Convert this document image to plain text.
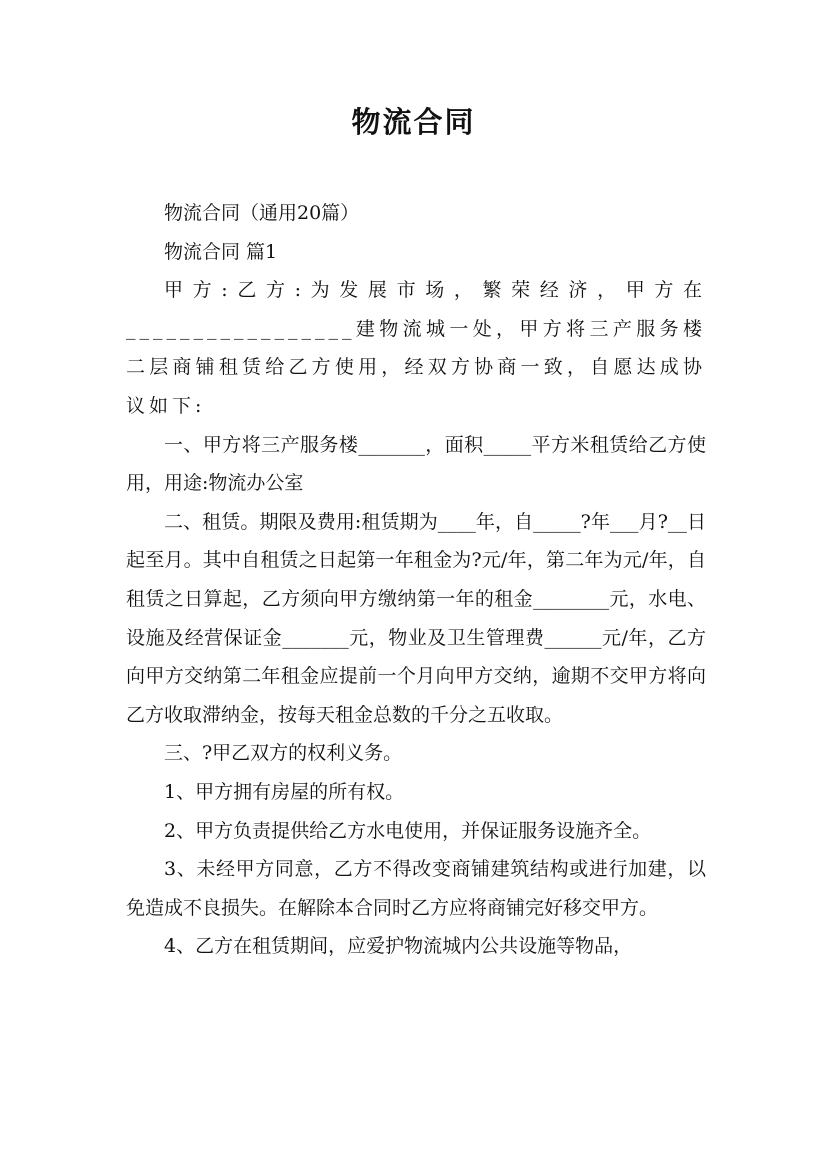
物流合同

物流合同（通用20篇）

物流合同 篇1

甲方:乙方:为发展市场，繁荣经济，甲方在_________________建物流城一处，甲方将三产服务楼二层商铺租赁给乙方使用，经双方协商一致，自愿达成协议如下:

一、甲方将三产服务楼_______，面积_____平方米租赁给乙方使用，用途:物流办公室

二、租赁。期限及费用:租赁期为____年，自_____?年___月?__日起至月。其中自租赁之日起第一年租金为?元/年，第二年为元/年，自租赁之日算起，乙方须向甲方缴纳第一年的租金________元，水电、设施及经营保证金_______元，物业及卫生管理费______元/年，乙方向甲方交纳第二年租金应提前一个月向甲方交纳，逾期不交甲方将向乙方收取滞纳金，按每天租金总数的千分之五收取。

三、?甲乙双方的权利义务。

1、甲方拥有房屋的所有权。

2、甲方负责提供给乙方水电使用，并保证服务设施齐全。

3、未经甲方同意，乙方不得改变商铺建筑结构或进行加建，以免造成不良损失。在解除本合同时乙方应将商铺完好移交甲方。

4、乙方在租赁期间，应爱护物流城内公共设施等物品，
